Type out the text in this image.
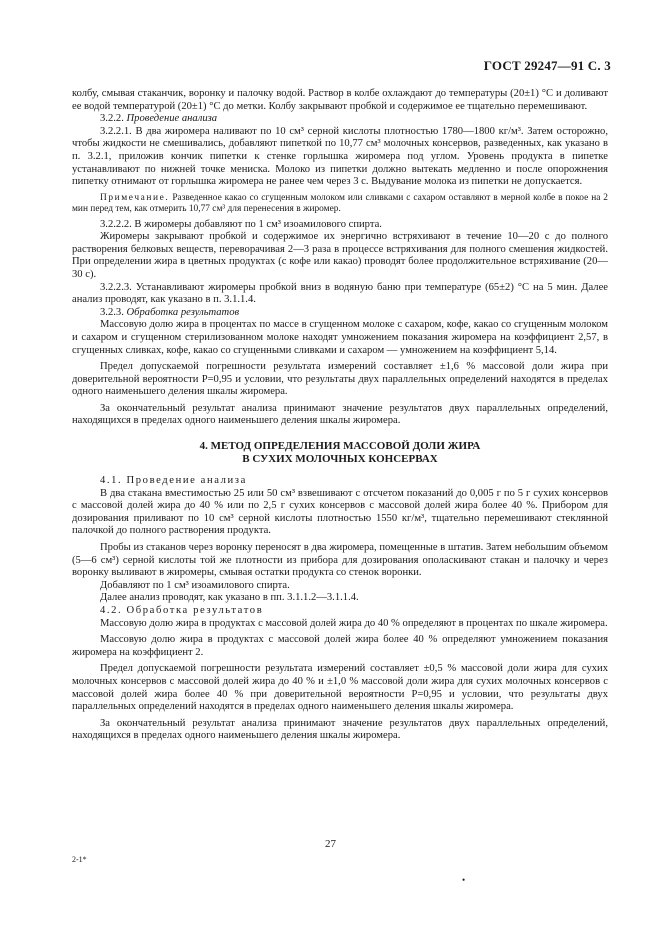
ГОСТ 29247—91 С. 3

колбу, смывая стаканчик, воронку и палочку водой. Раствор в колбе охлаждают до температуры (20±1) °С и доливают ее водой температурой (20±1) °С до метки. Колбу закрывают пробкой и содержимое ее тщательно перемешивают.

3.2.2. Проведение анализа

3.2.2.1. В два жиромера наливают по 10 см³ серной кислоты плотностью 1780—1800 кг/м³. Затем осторожно, чтобы жидкости не смешивались, добавляют пипеткой по 10,77 см³ молочных консервов, разведенных, как указано в п. 3.2.1, приложив кончик пипетки к стенке горлышка жиромера под углом. Уровень продукта в пипетке устанавливают по нижней точке мениска. Молоко из пипетки должно вытекать медленно и после опорожнения пипетку отнимают от горлышка жиромера не ранее чем через 3 с. Выдувание молока из пипетки не допускается.

Примечание. Разведенное какао со сгущенным молоком или сливками с сахаром оставляют в мерной колбе в покое на 2 мин перед тем, как отмерить 10,77 см³ для перенесения в жиромер.

3.2.2.2. В жиромеры добавляют по 1 см³ изоамилового спирта.

Жиромеры закрывают пробкой и содержимое их энергично встряхивают в течение 10—20 с до полного растворения белковых веществ, переворачивая 2—3 раза в процессе встряхивания для полного смешения жидкостей. При определении жира в цветных продуктах (с кофе или какао) проводят более продолжительное встряхивание (20—30 с).

3.2.2.3. Устанавливают жиромеры пробкой вниз в водяную баню при температуре (65±2) °С на 5 мин. Далее анализ проводят, как указано в п. 3.1.1.4.

3.2.3. Обработка результатов

Массовую долю жира в процентах по массе в сгущенном молоке с сахаром, кофе, какао со сгущенным молоком и сахаром и сгущенном стерилизованном молоке находят умножением показания жиромера на коэффициент 2,57, в сгущенных сливках, кофе, какао со сгущенными сливками и сахаром — умножением на коэффициент 5,14.

Предел допускаемой погрешности результата измерений составляет ±1,6 % массовой доли жира при доверительной вероятности Р=0,95 и условии, что результаты двух параллельных определений находятся в пределах одного наименьшего деления шкалы жиромера.

За окончательный результат анализа принимают значение результатов двух параллельных определений, находящихся в пределах одного наименьшего деления шкалы жиромера.

4. МЕТОД ОПРЕДЕЛЕНИЯ МАССОВОЙ ДОЛИ ЖИРА
В СУХИХ МОЛОЧНЫХ КОНСЕРВАХ

4.1. Проведение анализа

В два стакана вместимостью 25 или 50 см³ взвешивают с отсчетом показаний до 0,005 г по 5 г сухих консервов с массовой долей жира до 40 % или по 2,5 г сухих консервов с массовой долей жира более 40 %. Прибором для дозирования приливают по 10 см³ серной кислоты плотностью 1550 кг/м³, тщательно перемешивают стеклянной палочкой до полного растворения продукта.

Пробы из стаканов через воронку переносят в два жиромера, помещенные в штатив. Затем небольшим объемом (5—6 см³) серной кислоты той же плотности из прибора для дозирования ополаскивают стакан и палочку и через воронку выливают в жиромеры, смывая остатки продукта со стенок воронки.

Добавляют по 1 см³ изоамилового спирта.

Далее анализ проводят, как указано в пп. 3.1.1.2—3.1.1.4.

4.2. Обработка результатов

Массовую долю жира в продуктах с массовой долей жира до 40 % определяют в процентах по шкале жиромера.

Массовую долю жира в продуктах с массовой долей жира более 40 % определяют умножением показания жиромера на коэффициент 2.

Предел допускаемой погрешности результата измерений составляет ±0,5 % массовой доли жира для сухих молочных консервов с массовой долей жира до 40 % и ±1,0 % массовой доли жира для сухих молочных консервов с массовой долей жира более 40 % при доверительной вероятности Р=0,95 и условии, что результаты двух параллельных определений находятся в пределах одного наименьшего деления шкалы жиромера.

За окончательный результат анализа принимают значение результатов двух параллельных определений, находящихся в пределах одного наименьшего деления шкалы жиромера.

27
2-1*
•
